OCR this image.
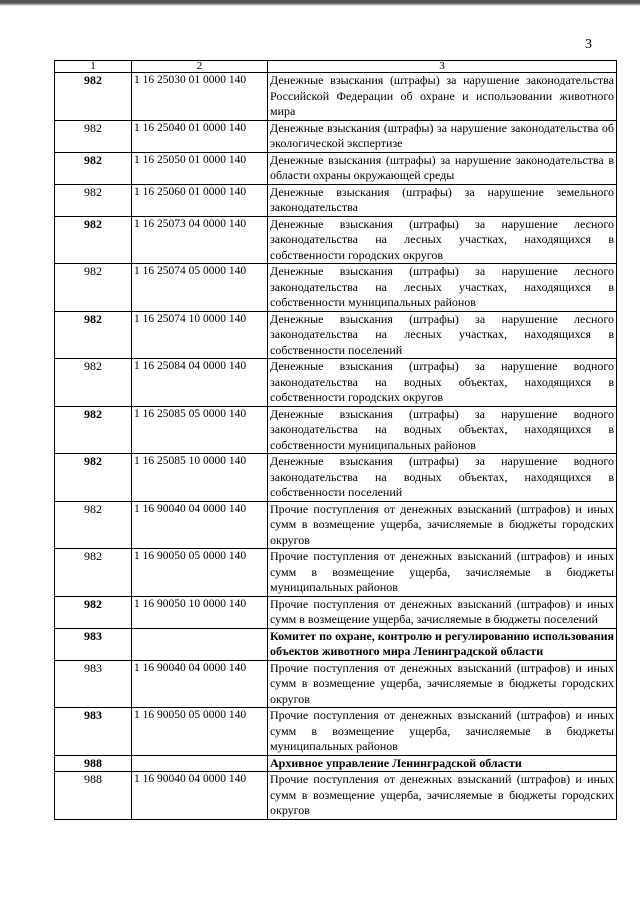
3
1	2	3
982	1 16 25030 01 0000 140	Денежные взыскания (штрафы) за нарушение законодательства Российской Федерации об охране и использовании животного мира
982	1 16 25040 01 0000 140	Денежные взыскания (штрафы) за нарушение законодательства об экологической экспертизе
982	1 16 25050 01 0000 140	Денежные взыскания (штрафы) за нарушение законодательства в области охраны окружающей среды
982	1 16 25060 01 0000 140	Денежные взыскания (штрафы) за нарушение земельного законодательства
982	1 16 25073 04 0000 140	Денежные взыскания (штрафы) за нарушение лесного законодательства на лесных участках, находящихся в собственности городских округов
982	1 16 25074 05 0000 140	Денежные взыскания (штрафы) за нарушение лесного законодательства на лесных участках, находящихся в собственности муниципальных районов
982	1 16 25074 10 0000 140	Денежные взыскания (штрафы) за нарушение лесного законодательства на лесных участках, находящихся в собственности поселений
982	1 16 25084 04 0000 140	Денежные взыскания (штрафы) за нарушение водного законодательства на водных объектах, находящихся в собственности городских округов
982	1 16 25085 05 0000 140	Денежные взыскания (штрафы) за нарушение водного законодательства на водных объектах, находящихся в собственности муниципальных районов
982	1 16 25085 10 0000 140	Денежные взыскания (штрафы) за нарушение водного законодательства на водных объектах, находящихся в собственности поселений
982	1 16 90040 04 0000 140	Прочие поступления от денежных взысканий (штрафов) и иных сумм в возмещение ущерба, зачисляемые в бюджеты городских округов
982	1 16 90050 05 0000 140	Прочие поступления от денежных взысканий (штрафов) и иных сумм в возмещение ущерба, зачисляемые в бюджеты муниципальных районов
982	1 16 90050 10 0000 140	Прочие поступления от денежных взысканий (штрафов) и иных сумм в возмещение ущерба, зачисляемые в бюджеты поселений
983		Комитет по охране, контролю и регулированию использования объектов животного мира Ленинградской области
983	1 16 90040 04 0000 140	Прочие поступления от денежных взысканий (штрафов) и иных сумм в возмещение ущерба, зачисляемые в бюджеты городских округов
983	1 16 90050 05 0000 140	Прочие поступления от денежных взысканий (штрафов) и иных сумм в возмещение ущерба, зачисляемые в бюджеты муниципальных районов
988		Архивное управление Ленинградской области
988	1 16 90040 04 0000 140	Прочие поступления от денежных взысканий (штрафов) и иных сумм в возмещение ущерба, зачисляемые в бюджеты городских округов
